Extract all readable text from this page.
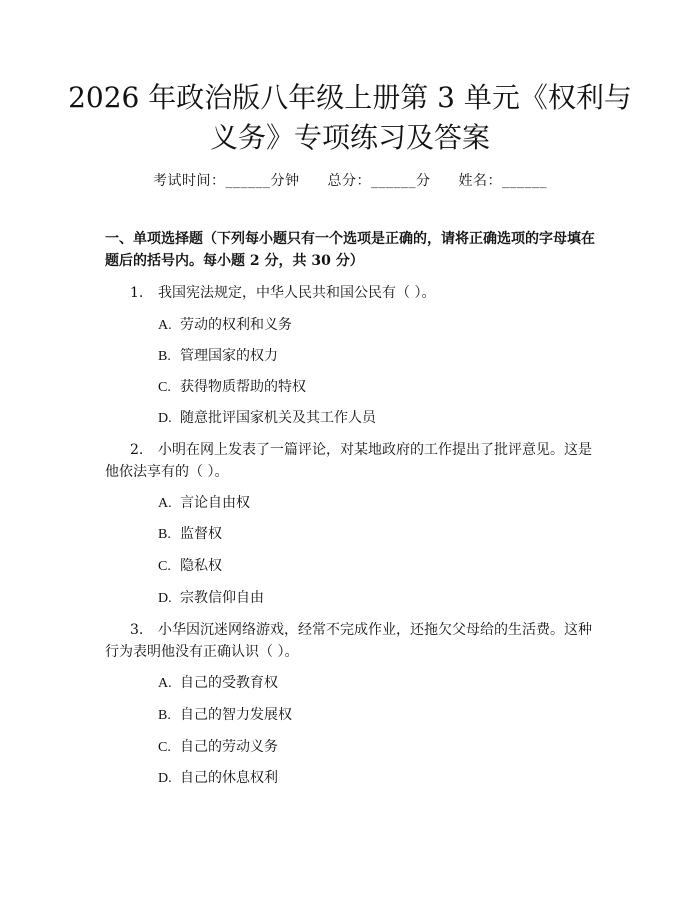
2026 年政治版八年级上册第 3 单元《权利与
义务》专项练习及答案
考试时间：______分钟 总分：______分 姓名：______
一、单项选择题（下列每小题只有一个选项是正确的，请将正确选项的字母填在题后的括号内。每小题 2 分，共 30 分）
1. 我国宪法规定，中华人民共和国公民有（ ）。
A. 劳动的权利和义务
B. 管理国家的权力
C. 获得物质帮助的特权
D. 随意批评国家机关及其工作人员
2. 小明在网上发表了一篇评论，对某地政府的工作提出了批评意见。这是他依法享有的（ ）。
A. 言论自由权
B. 监督权
C. 隐私权
D. 宗教信仰自由
3. 小华因沉迷网络游戏，经常不完成作业，还拖欠父母给的生活费。这种行为表明他没有正确认识（ ）。
A. 自己的受教育权
B. 自己的智力发展权
C. 自己的劳动义务
D. 自己的休息权利
